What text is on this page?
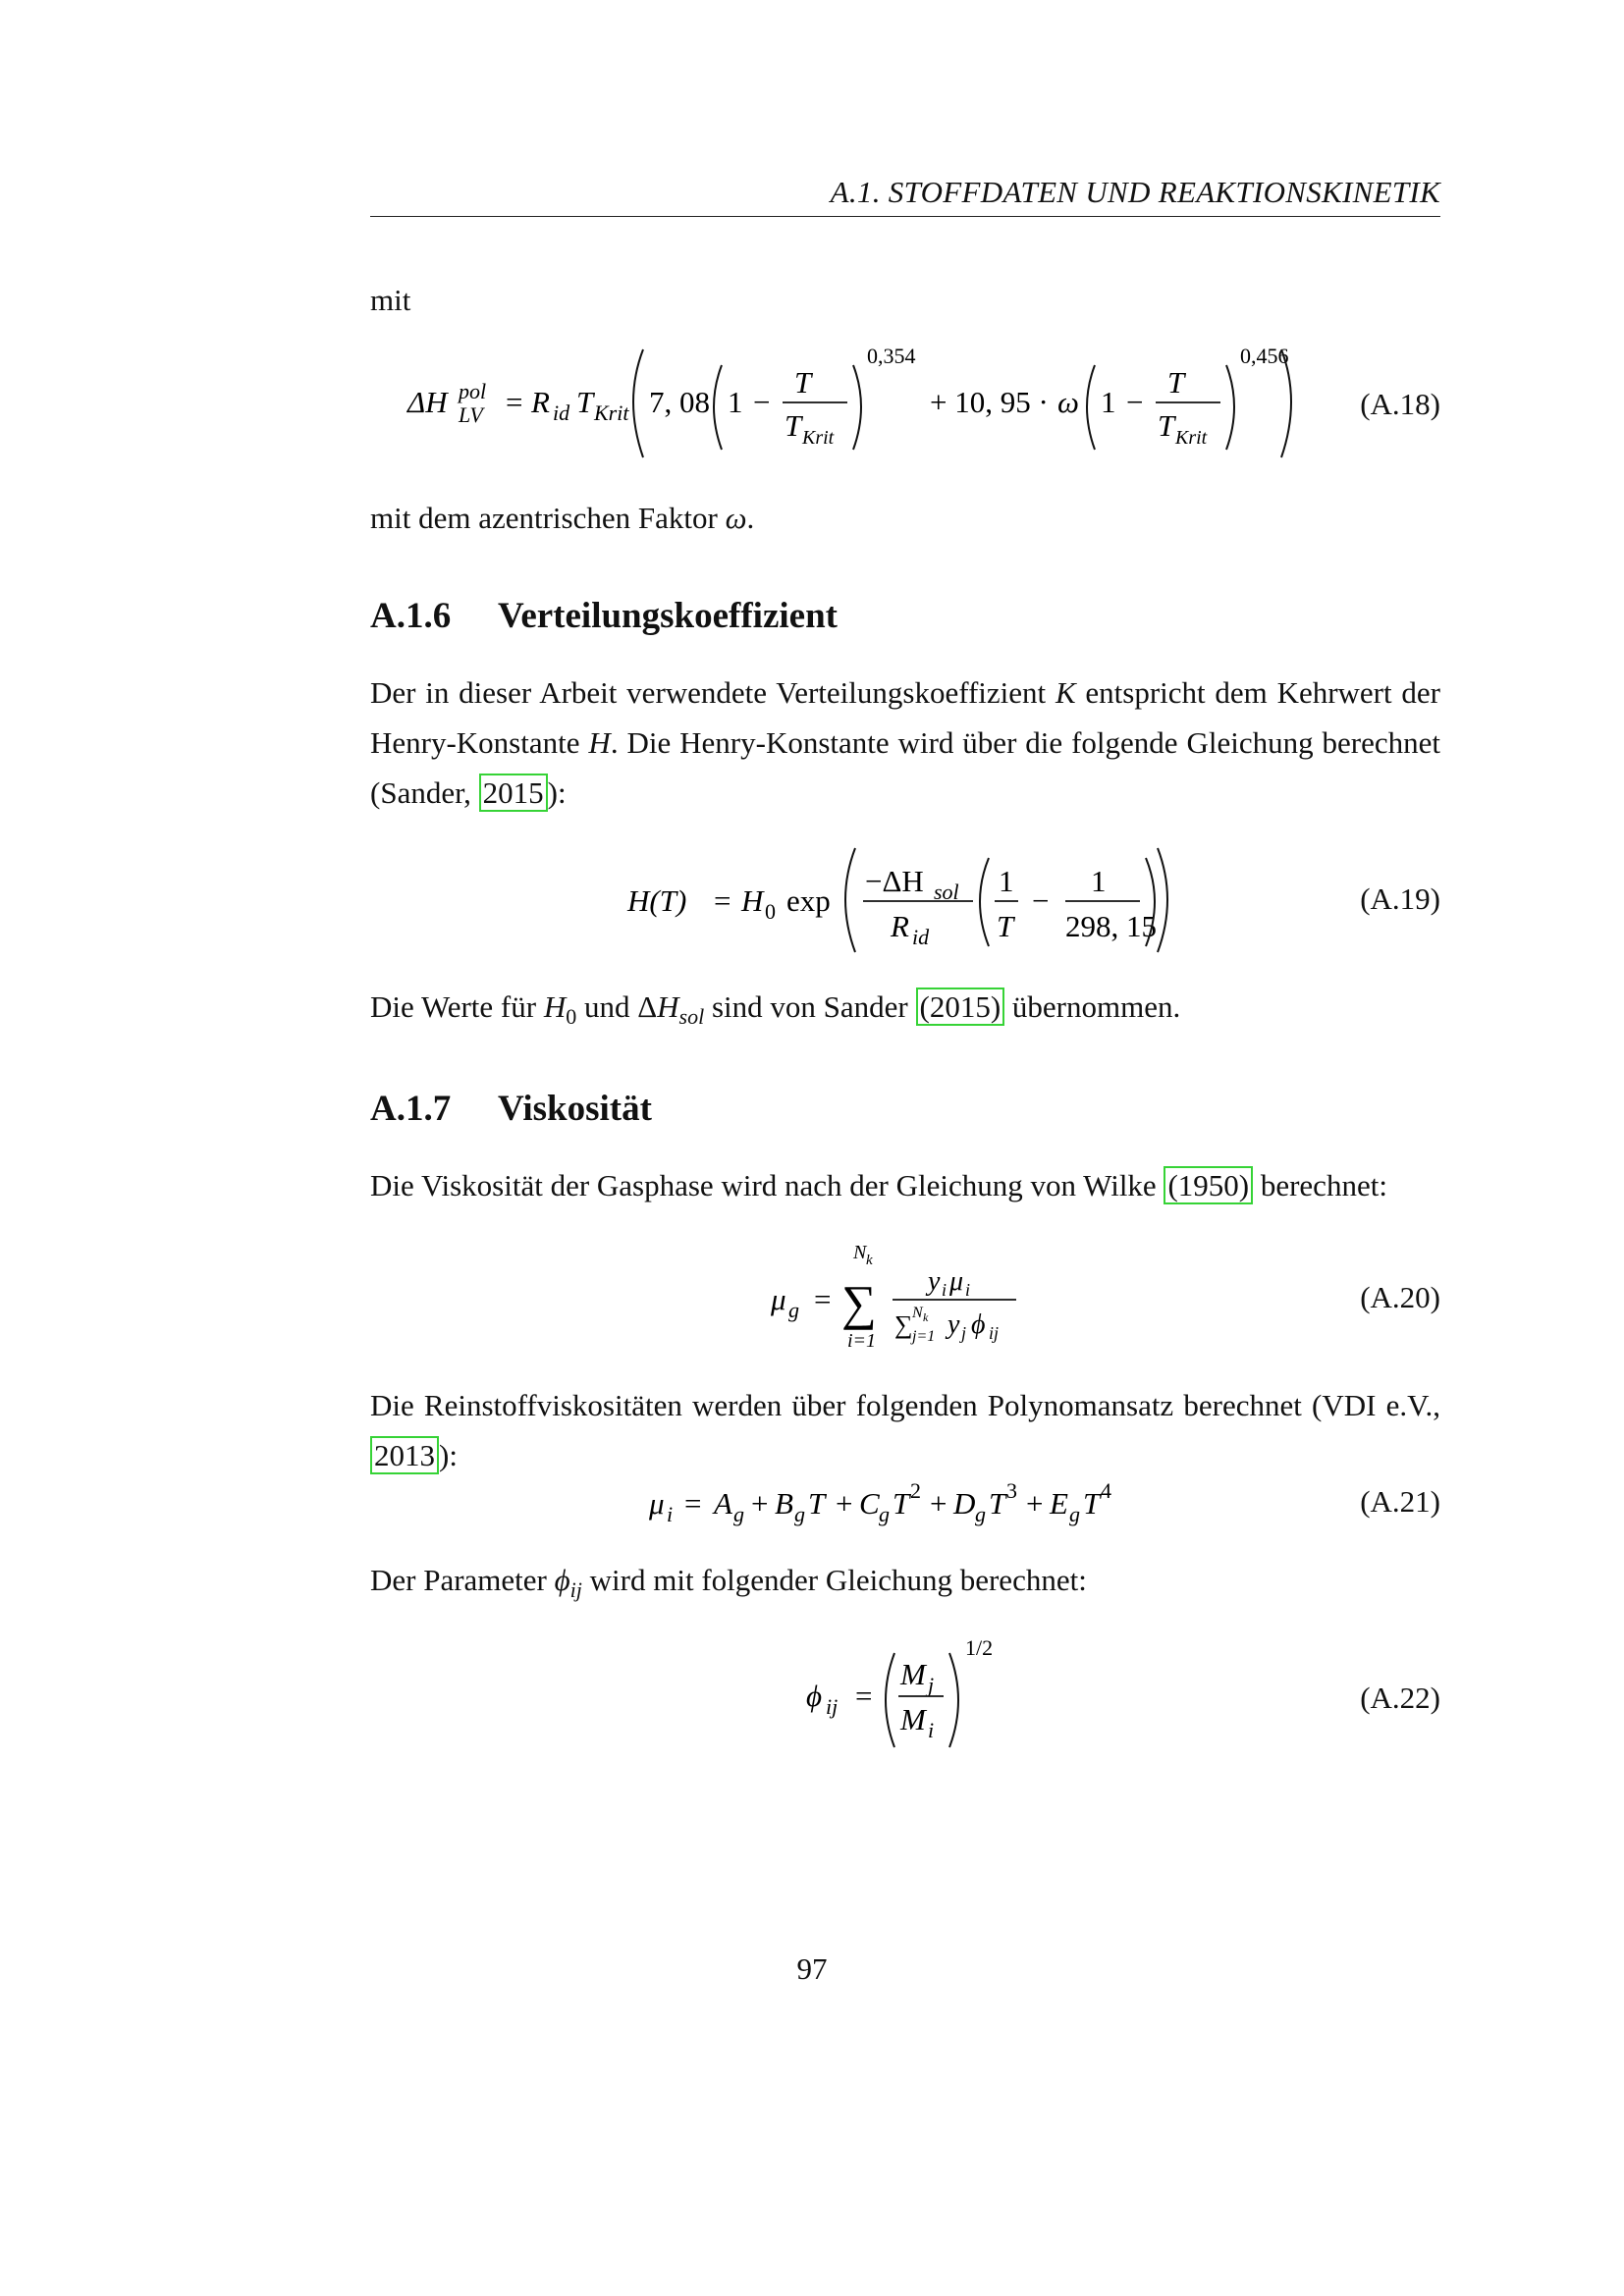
A.1. STOFFDATEN UND REAKTIONSKINETIK
mit
ΔH pol
LV = R id T Krit 7, 08 1 −
T
T Krit
0,354
+ 10, 95 · ω 1 −
T
T Krit
0,456
(A.18)
mit dem azentrischen Faktor ω.
A.1.6 Verteilungskoeffizient
Der in dieser Arbeit verwendete Verteilungskoeffizient K entspricht dem Kehrwert der Henry-Konstante H. Die Henry-Konstante wird über die folgende Gleichung berechnet (Sander, 2015 ):
H(T) = H 0 exp
−ΔH sol
R id
1
T
−
1
298, 15
(A.19)
Die Werte für $H_0$ und $\Delta H_{sol}$ sind von Sander (2015) übernommen.
A.1.7 Viskosität
Die Viskosität der Gasphase wird nach der Gleichung von Wilke (1950) berechnet:
μ g = ∑
N k
i=1
y i μ i
∑ N k
j=1 y j ϕ ij
(A.20)
Die Reinstoffviskositäten werden über folgenden Polynomansatz berechnet (VDI e.V., 2013 ):
μ i = A g + B g T + C g T 2 + D g T 3 + E g T 4	(A.21)
Der Parameter $\phi_{ij}$ wird mit folgender Gleichung berechnet:
ϕ ij =
M j
M i
1/2
(A.22)
97
